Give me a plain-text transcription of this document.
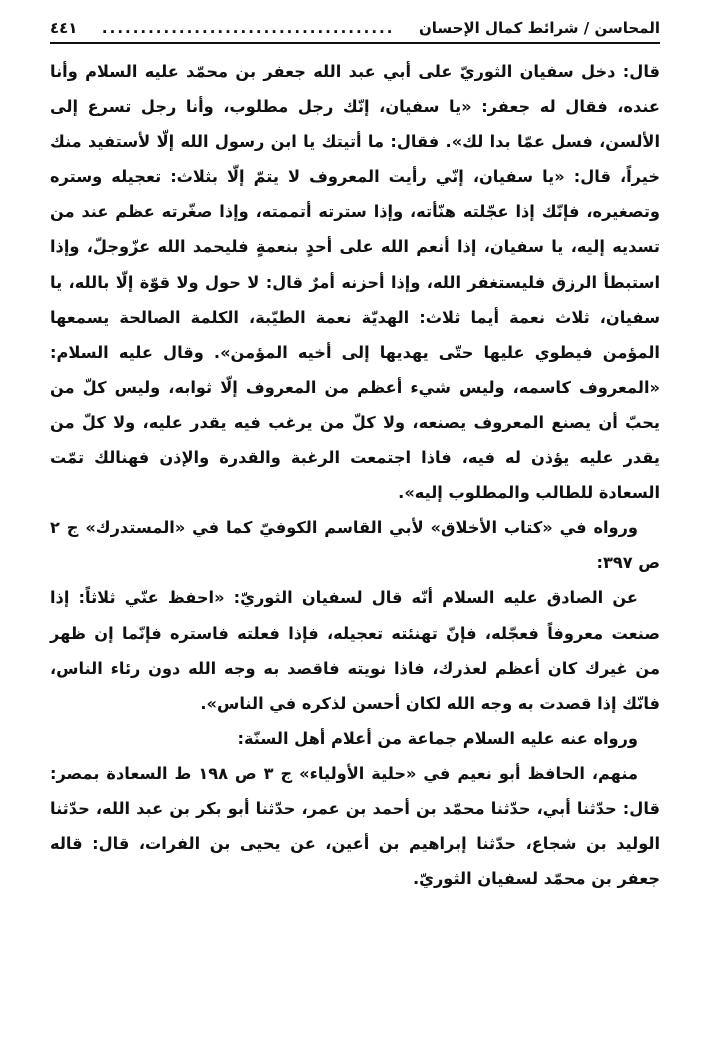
المحاسن / شرائط كمال الإحسان
......................................
٤٤١

قال: دخل سفيان الثوريّ على أبي عبد الله جعفر بن محمّد عليه السلام وأنا عنده، فقال له جعفر: «يا سفيان، إنّك رجل مطلوب، وأنا رجل تسرع إلى الألسن، فسل عمّا بدا لك». فقال: ما أتيتك يا ابن رسول الله إلّا لأستفيد منك خيراً، قال: «يا سفيان، إنّي رأيت المعروف لا يتمّ إلّا بثلاث: تعجيله وستره وتصغيره، فإنّك إذا عجّلته هنّأته، وإذا سترته أتممته، وإذا صغّرته عظم عند من تسديه إليه، يا سفيان، إذا أنعم الله على أحدٍ بنعمةٍ فليحمد الله عزّوجلّ، وإذا استبطأ الرزق فليستغفر الله، وإذا أحزنه أمرٌ قال: لا حول ولا قوّة إلّا بالله، يا سفيان، ثلاث نعمة أيما ثلاث: الهديّة نعمة الطيّبة، الكلمة الصالحة يسمعها المؤمن فيطوي عليها حتّى يهديها إلى أخيه المؤمن». وقال عليه السلام: «المعروف كاسمه، وليس شيء أعظم من المعروف إلّا ثوابه، وليس كلّ من يحبّ أن يصنع المعروف يصنعه، ولا كلّ من يرغب فيه يقدر عليه، ولا كلّ من يقدر عليه يؤذن له فيه، فاذا اجتمعت الرغبة والقدرة والإذن فهنالك تمّت السعادة للطالب والمطلوب إليه».

ورواه في «كتاب الأخلاق» لأبي القاسم الكوفيّ كما في «المستدرك» ج ٢ ص ٣٩٧:

عن الصادق عليه السلام أنّه قال لسفيان الثوريّ: «احفظ عنّي ثلاثاً: إذا صنعت معروفاً فعجّله، فإنّ تهنئته تعجيله، فإذا فعلته فاستره فإنّما إن ظهر من غيرك كان أعظم لعذرك، فاذا نويته فاقصد به وجه الله دون رئاء الناس، فانّك إذا قصدت به وجه الله لكان أحسن لذكره في الناس».

ورواه عنه عليه السلام جماعة من أعلام أهل السنّة:

منهم، الحافظ أبو نعيم في «حلية الأولياء» ج ٣ ص ١٩٨ ط السعادة بمصر: قال: حدّثنا أبي، حدّثنا محمّد بن أحمد بن عمر، حدّثنا أبو بكر بن عبد الله، حدّثنا الوليد بن شجاع، حدّثنا إبراهيم بن أعين، عن يحيى بن الفرات، قال: قاله جعفر بن محمّد لسفيان الثوريّ.
